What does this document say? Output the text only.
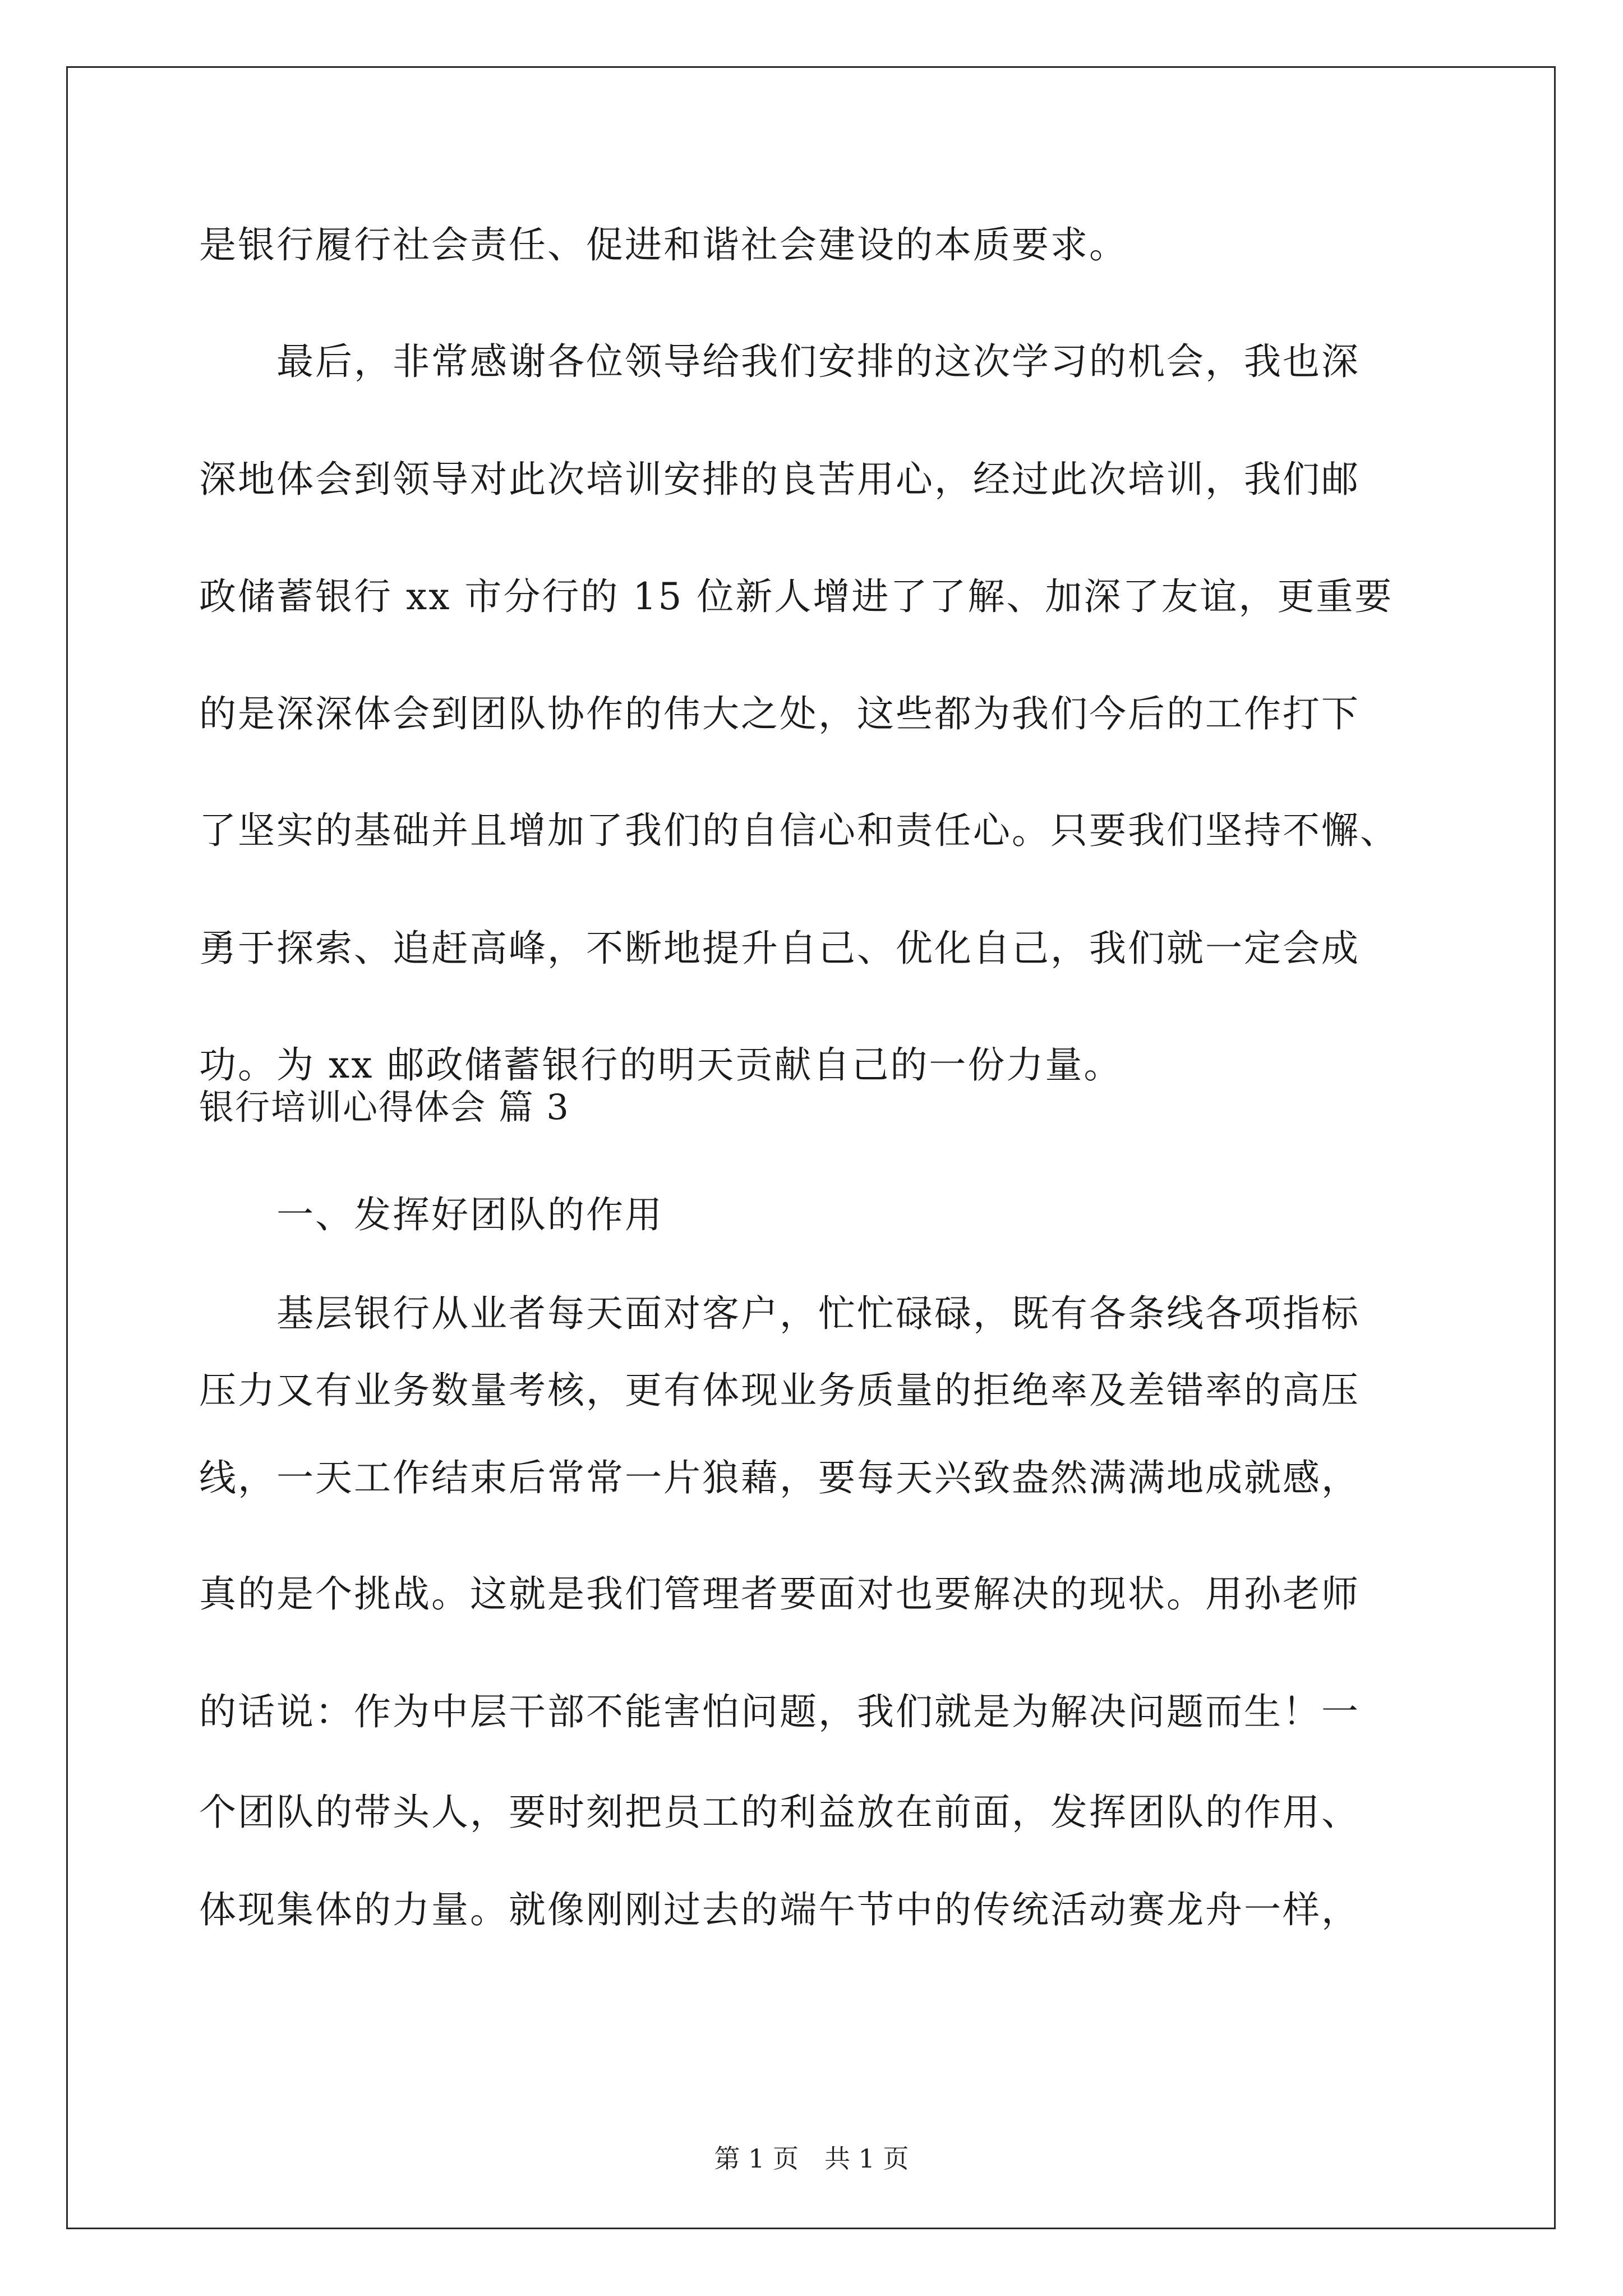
是银行履行社会责任、促进和谐社会建设的本质要求。
　　最后，非常感谢各位领导给我们安排的这次学习的机会，我也深
深地体会到领导对此次培训安排的良苦用心，经过此次培训，我们邮
政储蓄银行 xx 市分行的 15 位新人增进了了解、加深了友谊，更重要
的是深深体会到团队协作的伟大之处，这些都为我们今后的工作打下
了坚实的基础并且增加了我们的自信心和责任心。只要我们坚持不懈、
勇于探索、追赶高峰，不断地提升自己、优化自己，我们就一定会成
功。为 xx 邮政储蓄银行的明天贡献自己的一份力量。
银行培训心得体会 篇 3
　　一、发挥好团队的作用
　　基层银行从业者每天面对客户，忙忙碌碌，既有各条线各项指标
压力又有业务数量考核，更有体现业务质量的拒绝率及差错率的高压
线，一天工作结束后常常一片狼藉，要每天兴致盎然满满地成就感，
真的是个挑战。这就是我们管理者要面对也要解决的现状。用孙老师
的话说：作为中层干部不能害怕问题，我们就是为解决问题而生！一
个团队的带头人，要时刻把员工的利益放在前面，发挥团队的作用、
体现集体的力量。就像刚刚过去的端午节中的传统活动赛龙舟一样，
第 1 页　共 1 页
